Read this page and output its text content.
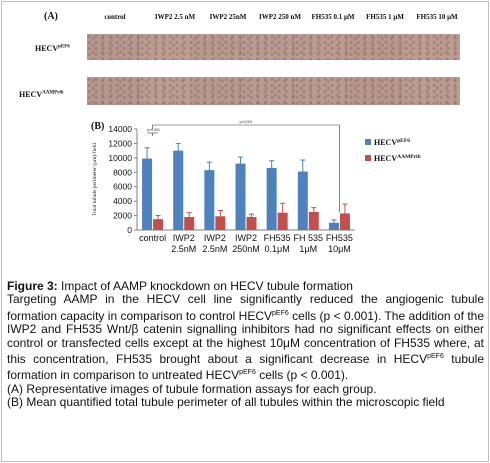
(A)	control	IWP2 2.5 nM	IWP2 25nM	IWP2 250 nM	FH535 0.1 μM	FH535 1 μM	FH535 10 μM
$HECV^{pEF6}$
$HECV^{AAMPrib}$
(B)
0
2000
4000
6000
8000
10000
12000
14000
Total tubule perimeter (μm)/field
control IWP2
2.5nM
IWP2
2.5nM
IWP2
250nM
FH535
0.1μM
FH 535
1μM
FH535
10μM
p<0.001
p<0.001
$HECV^{pEF6}$
$HECV^{AAMPrib}$

Figure 3: Impact of AAMP knockdown on HECV tubule formation

Targeting AAMP in the HECV cell line significantly reduced the angiogenic tubule formation capacity in comparison to control $HECV^{pEF6}$ cells (p < 0.001). The addition of the IWP2 and FH535 Wnt/β catenin signalling inhibitors had no significant effects on either control or transfected cells except at the highest 10μM concentration of FH535 where, at this concentration, FH535 brought about a significant decrease in $HECV^{pEF6}$ tubule formation in comparison to untreated $HECV^{pEF6}$ cells (p < 0.001).

(A) Representative images of tubule formation assays for each group.

(B) Mean quantified total tubule perimeter of all tubules within the microscopic field
